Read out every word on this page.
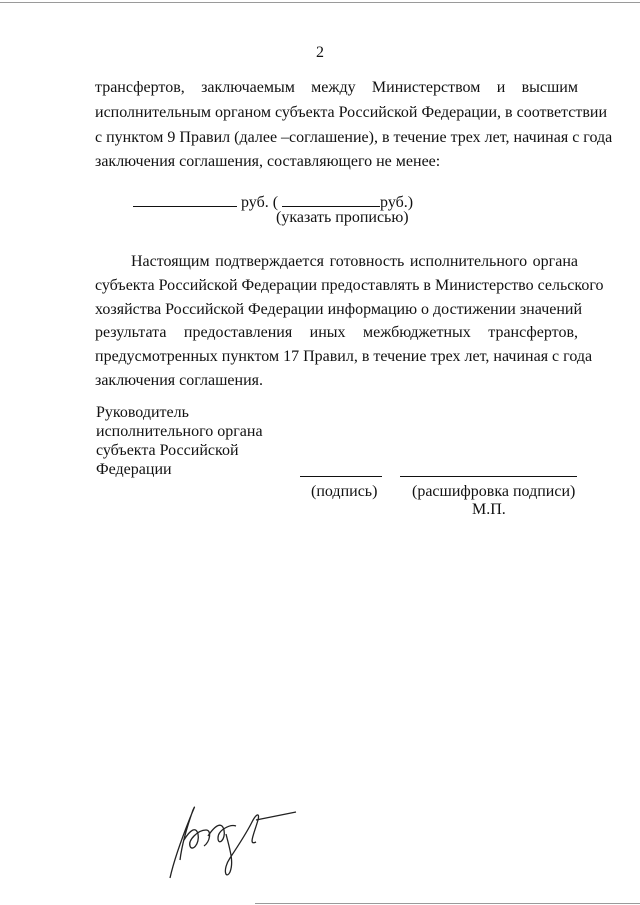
2
трансфертов, заключаемым между Министерством и высшим
исполнительным органом субъекта Российской Федерации, в соответствии
с пунктом 9 Правил (далее –соглашение), в течение трех лет, начиная с года
заключения соглашения, составляющего не менее:
руб. (	руб.)
(указать прописью)
Настоящим подтверждается готовность исполнительного органа
субъекта Российской Федерации предоставлять в Министерство сельского
хозяйства Российской Федерации информацию о достижении значений
результата предоставления иных межбюджетных трансфертов,
предусмотренных пунктом 17 Правил, в течение трех лет, начиная с года
заключения соглашения.
Руководитель
исполнительного органа
субъекта Российской
Федерации
(подпись) (расшифровка подписи)
М.П.
